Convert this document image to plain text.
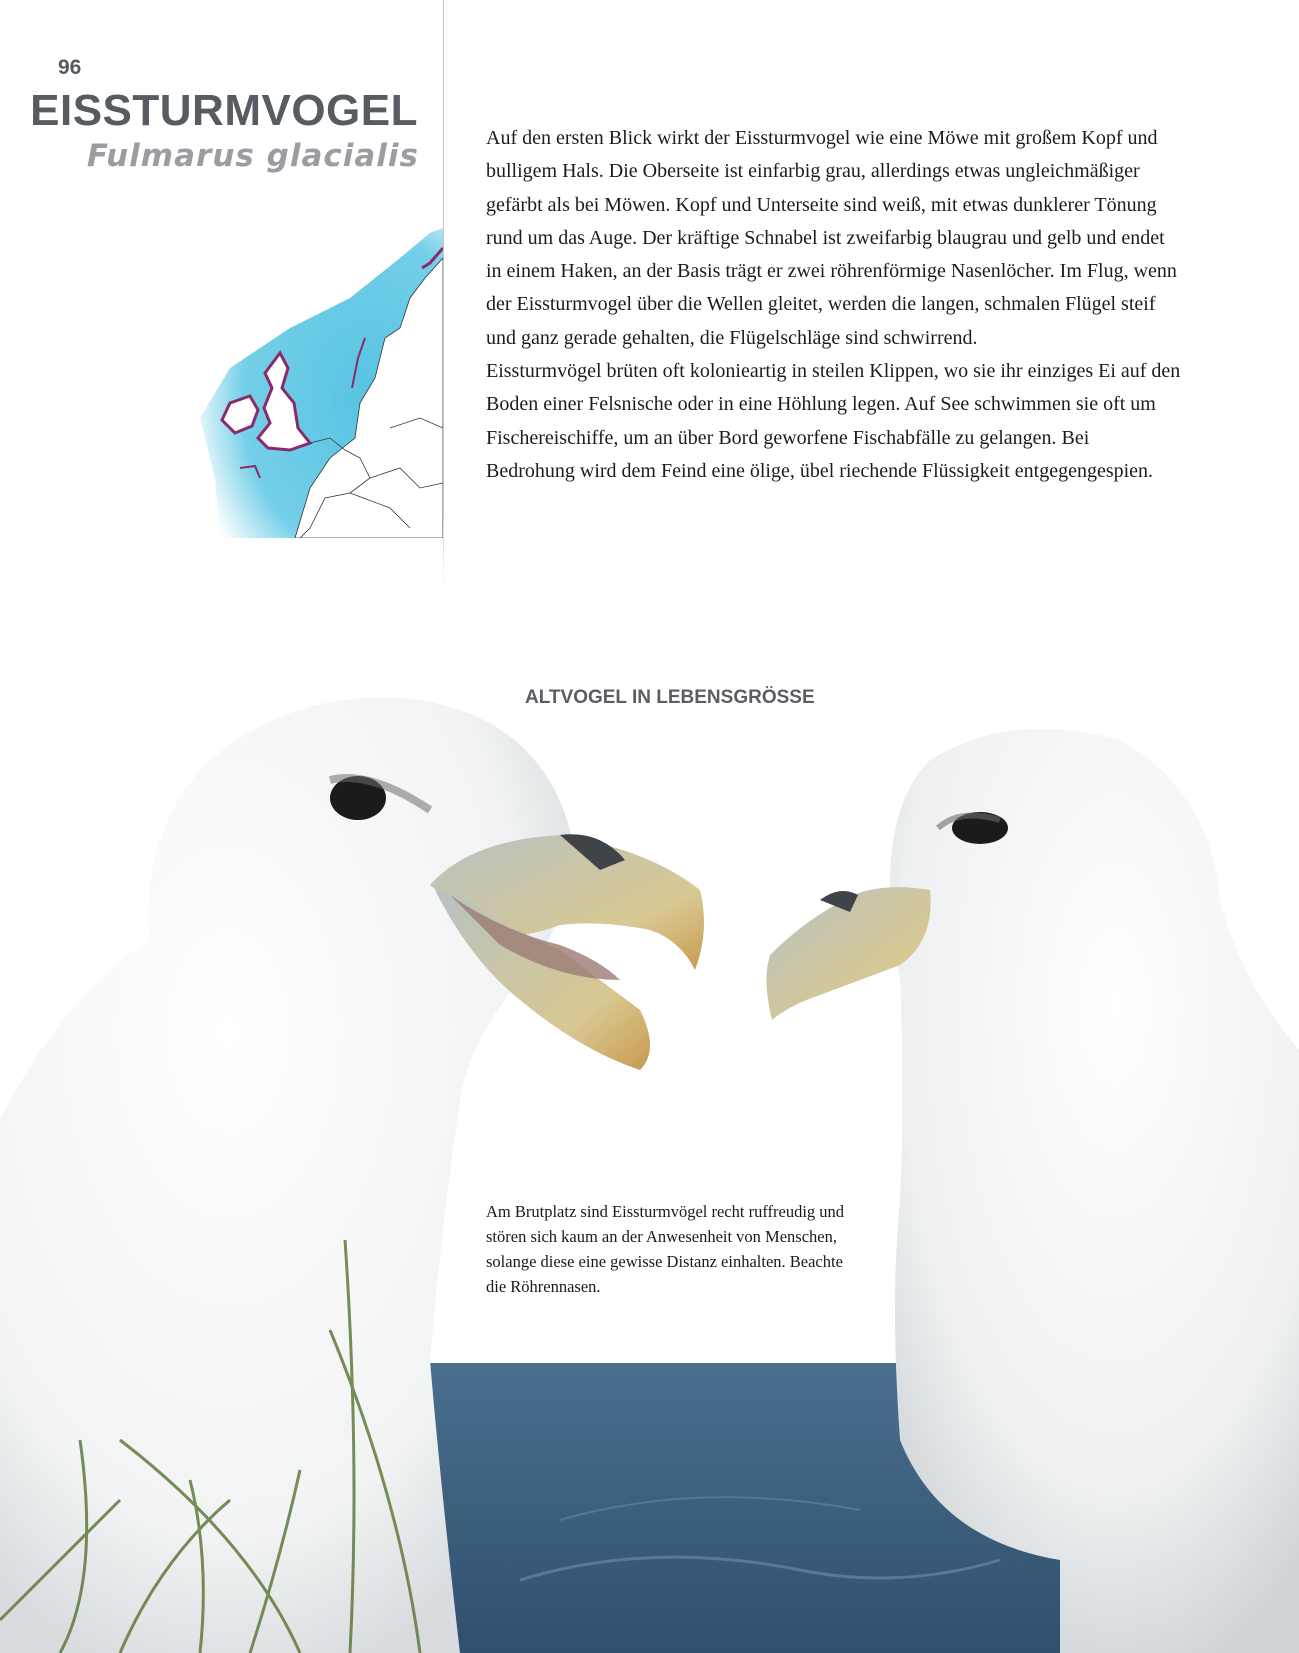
96
EISSTURMVOGEL
Fulmarus glacialis	Auf den ersten Blick wirkt der Eissturmvogel wie eine Möwe mit großem Kopf und bulligem Hals. Die Oberseite ist einfarbig grau, allerdings etwas ungleichmäßiger gefärbt als bei Möwen. Kopf und Unterseite sind weiß, mit etwas dunklerer Tönung rund um das Auge. Der kräftige Schnabel ist zweifarbig blaugrau und gelb und endet in einem Haken, an der Basis trägt er zwei röhrenförmige Nasenlöcher. Im Flug, wenn der Eissturmvogel über die Wellen gleitet, werden die langen, schmalen Flügel steif und ganz gerade gehalten, die Flügelschläge sind schwirrend.

Eissturmvögel brüten oft koloniеartig in steilen Klippen, wo sie ihr einziges Ei auf den Boden einer Felsnische oder in eine Höhlung legen. Auf See schwimmen sie oft um Fischereischiffe, um an über Bord geworfene Fischabfälle zu gelangen. Bei Bedrohung wird dem Feind eine ölige, übel riechende Flüssigkeit entgegengespien.

ALTVOGEL IN LEBENSGRÖSSE
Am Brutplatz sind Eissturmvögel recht ruffreudig und stören sich kaum an der Anwesenheit von Menschen, solange diese eine gewisse Distanz einhalten. Beachte die Röhrennasen.
